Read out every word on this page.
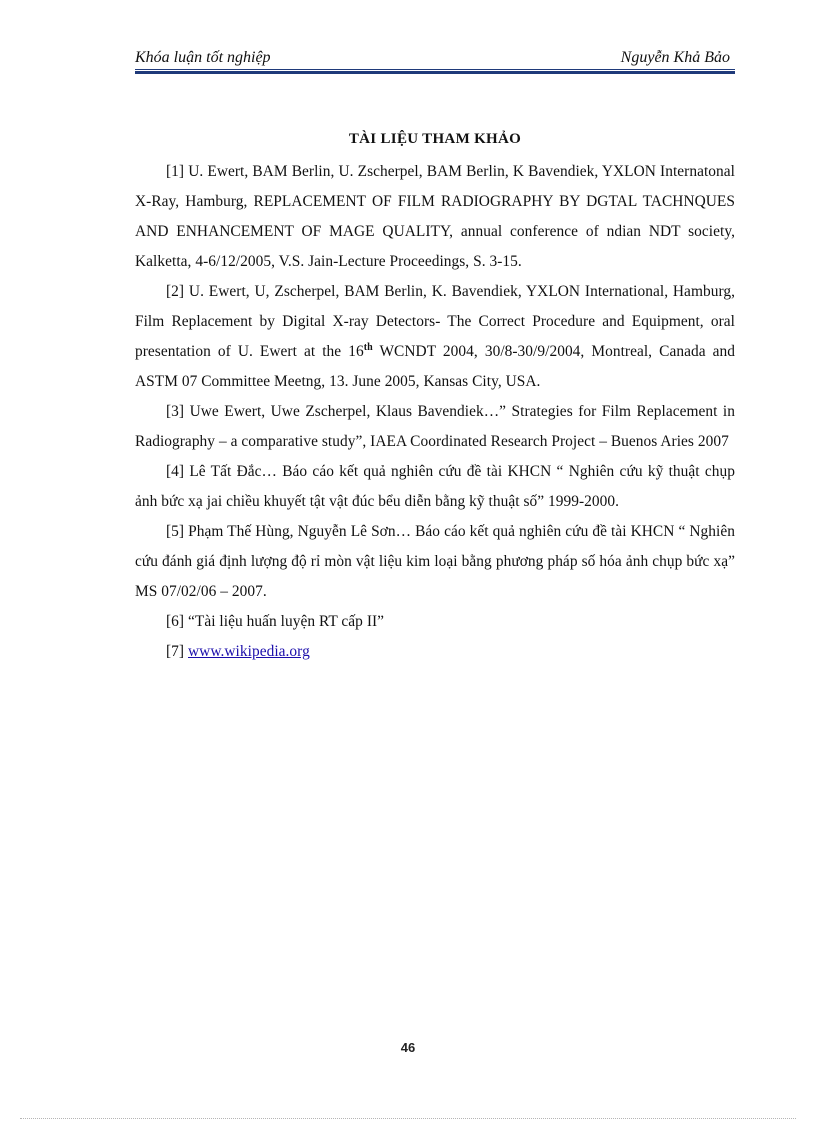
Khóa luận tốt nghiệp	Nguyễn Khả Bảo
TÀI LIỆU THAM KHẢO

[1] U. Ewert, BAM Berlin, U. Zscherpel, BAM Berlin, K Bavendiek, YXLON Internatonal X-Ray, Hamburg, REPLACEMENT OF FILM RADIOGRAPHY BY DGTAL TACHNQUES AND ENHANCEMENT OF MAGE QUALITY, annual conference of ndian NDT society, Kalketta, 4-6/12/2005, V.S. Jain-Lecture Proceedings, S. 3-15.

[2] U. Ewert, U, Zscherpel, BAM Berlin, K. Bavendiek, YXLON International, Hamburg, Film Replacement by Digital X-ray Detectors- The Correct Procedure and Equipment, oral presentation of U. Ewert at the 16th WCNDT 2004, 30/8-30/9/2004, Montreal, Canada and ASTM 07 Committee Meetng, 13. June 2005, Kansas City, USA.

[3] Uwe Ewert, Uwe Zscherpel, Klaus Bavendiek…” Strategies for Film Replacement in Radiography – a comparative study”, IAEA Coordinated Research Project – Buenos Aries 2007

[4] Lê Tất Đắc… Báo cáo kết quả nghiên cứu đề tài KHCN “ Nghiên cứu kỹ thuật chụp ảnh bức xạ jai chiều khuyết tật vật đúc bểu diễn bằng kỹ thuật số” 1999-2000.

[5] Phạm Thế Hùng, Nguyễn Lê Sơn… Báo cáo kết quả nghiên cứu đề tài KHCN “ Nghiên cứu đánh giá định lượng độ rỉ mòn vật liệu kim loại bằng phương pháp số hóa ảnh chụp bức xạ” MS 07/02/06 – 2007.

[6] “Tài liệu huấn luyện RT cấp II”

[7] www.wikipedia.org

46
